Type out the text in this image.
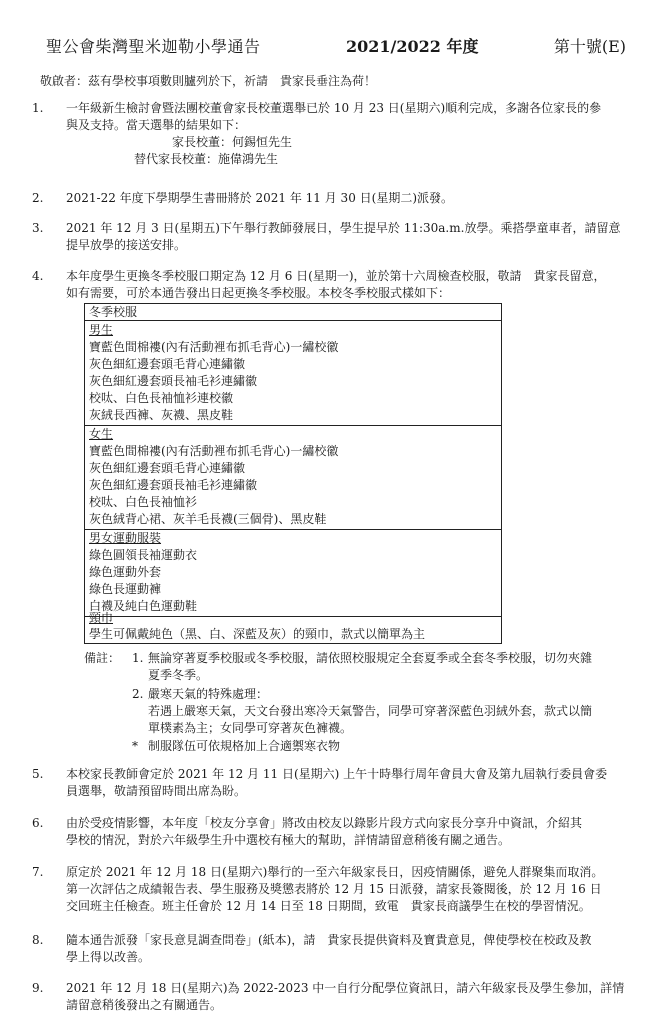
聖公會柴灣聖米迦勒小學通告	2021/2022 年度	第十號(E)
敬啟者：茲有學校事項數則臚列於下，祈請　貴家長垂注為荷！
1.	一年級新生檢討會暨法團校董會家長校董選舉已於 10 月 23 日(星期六)順利完成，多謝各位家長的參
與及支持。當天選舉的結果如下：
家長校董：何錫恒先生
替代家長校董：施偉鴻先生
2.	2021-22 年度下學期學生書冊將於 2021 年 11 月 30 日(星期二)派發。
3.	2021 年 12 月 3 日(星期五)下午舉行教師發展日，學生提早於 11:30a.m.放學。乘搭學童車者，請留意
提早放學的接送安排。
4.	本年度學生更換冬季校服口期定為 12 月 6 日(星期一)，並於第十六周檢查校服，敬請　貴家長留意，
如有需要，可於本通告發出日起更換冬季校服。本校冬季校服式樣如下：
冬季校服
男生
寶藍色間棉褸(內有活動裡布抓毛背心)一繡校徽
灰色細紅邊套頭毛背心連繡徽
灰色細紅邊套頭長袖毛衫連繡徽
校呔、白色長袖恤衫連校徽
灰絨長西褲、灰襪、黑皮鞋
女生
寶藍色間棉褸(內有活動裡布抓毛背心)一繡校徽
灰色細紅邊套頭毛背心連繡徽
灰色細紅邊套頭長袖毛衫連繡徽
校呔、白色長袖恤衫
灰色絨背心裙、灰羊毛長襪(三個骨)、黑皮鞋
男女運動服裝
綠色圓領長袖運動衣
綠色運動外套
綠色長運動褲
白襪及純白色運動鞋
頸巾
學生可佩戴純色（黑、白、深藍及灰）的頸巾，款式以簡單為主
備註： 1. 無論穿著夏季校服或冬季校服，請依照校服規定全套夏季或全套冬季校服，切勿夾雜
夏季冬季。
2. 嚴寒天氣的特殊處理：
若遇上嚴寒天氣，天文台發出寒冷天氣警告，同學可穿著深藍色羽絨外套，款式以簡
單樸素為主；女同學可穿著灰色褲襪。
* 制服隊伍可依規格加上合適禦寒衣物
5.	本校家長教師會定於 2021 年 12 月 11 日(星期六) 上午十時舉行周年會員大會及第九屆執行委員會委
員選舉，敬請預留時間出席為盼。
6.	由於受疫情影響，本年度「校友分享會」將改由校友以錄影片段方式向家長分享升中資訊，介紹其
學校的情況，對於六年級學生升中選校有極大的幫助，詳情請留意稍後有關之通告。
7.	原定於 2021 年 12 月 18 日(星期六)舉行的一至六年級家長日，因疫情關係，避免人群聚集而取消。
第一次評估之成績報告表、學生服務及獎懲表將於 12 月 15 日派發，請家長簽閱後，於 12 月 16 日
交回班主任檢查。班主任會於 12 月 14 日至 18 日期間，致電　貴家長商議學生在校的學習情況。
8.	隨本通告派發「家長意見調查問卷」(紙本)，請　貴家長提供資料及寶貴意見，俾使學校在校政及教
學上得以改善。
9.	2021 年 12 月 18 日(星期六)為 2022-2023 中一自行分配學位資訊日，請六年級家長及學生參加，詳情
請留意稍後發出之有關通告。
